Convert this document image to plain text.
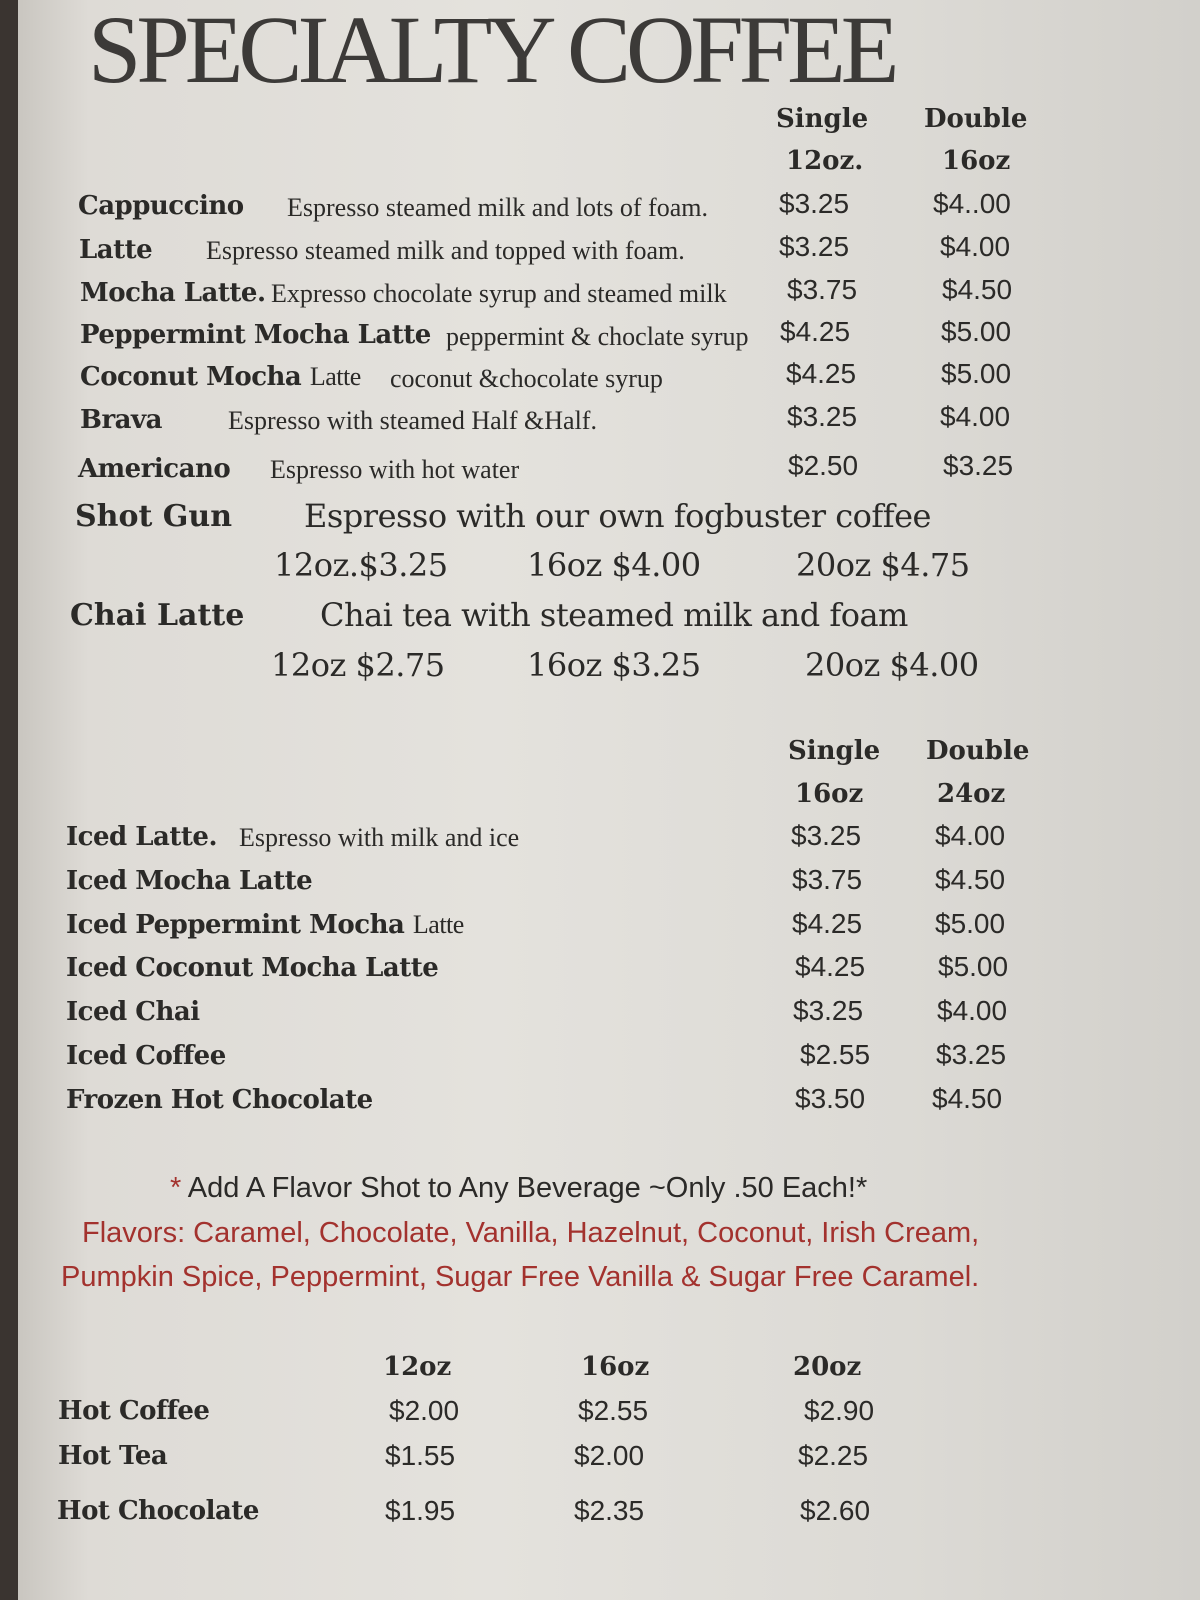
SPECIALTY COFFEE
Single Double
12oz.	16oz
Cappuccino Espresso steamed milk and lots of foam.	$3.25	$4..00
Latte Espresso steamed milk and topped with foam.	$3.25	$4.00
Mocha Latte. Expresso chocolate syrup and steamed milk $3.75	$4.50
Peppermint Mocha Latte peppermint & choclate syrup $4.25	$5.00
Coconut Mocha Latte coconut &chocolate syrup	$4.25	$5.00
Brava	Espresso with steamed Half &Half.	$3.25	$4.00
Americano Espresso with hot water	$2.50	$3.25
Shot Gun Espresso with our own fogbuster coffee
12oz.$3.25 16oz $4.00	20oz $4.75
Chai Latte Chai tea with steamed milk and foam
12oz $2.75	16oz $3.25	20oz $4.00
Single Double
16oz	24oz
Iced Latte. Espresso with milk and ice	$3.25	$4.00
Iced Mocha Latte	$3.75	$4.50
Iced Peppermint Mocha Latte	$4.25	$5.00
Iced Coconut Mocha Latte	$4.25	$5.00
Iced Chai	$3.25	$4.00
Iced Coffee	$2.55 $3.25
Frozen Hot Chocolate	$3.50 $4.50
* Add A Flavor Shot to Any Beverage ~Only .50 Each!*
Flavors: Caramel, Chocolate, Vanilla, Hazelnut, Coconut, Irish Cream,
Pumpkin Spice, Peppermint, Sugar Free Vanilla & Sugar Free Caramel.
12oz	16oz	20oz
Hot Coffee	$2.00	$2.55	$2.90
Hot Tea	$1.55	$2.00	$2.25
Hot Chocolate	$1.95	$2.35	$2.60
